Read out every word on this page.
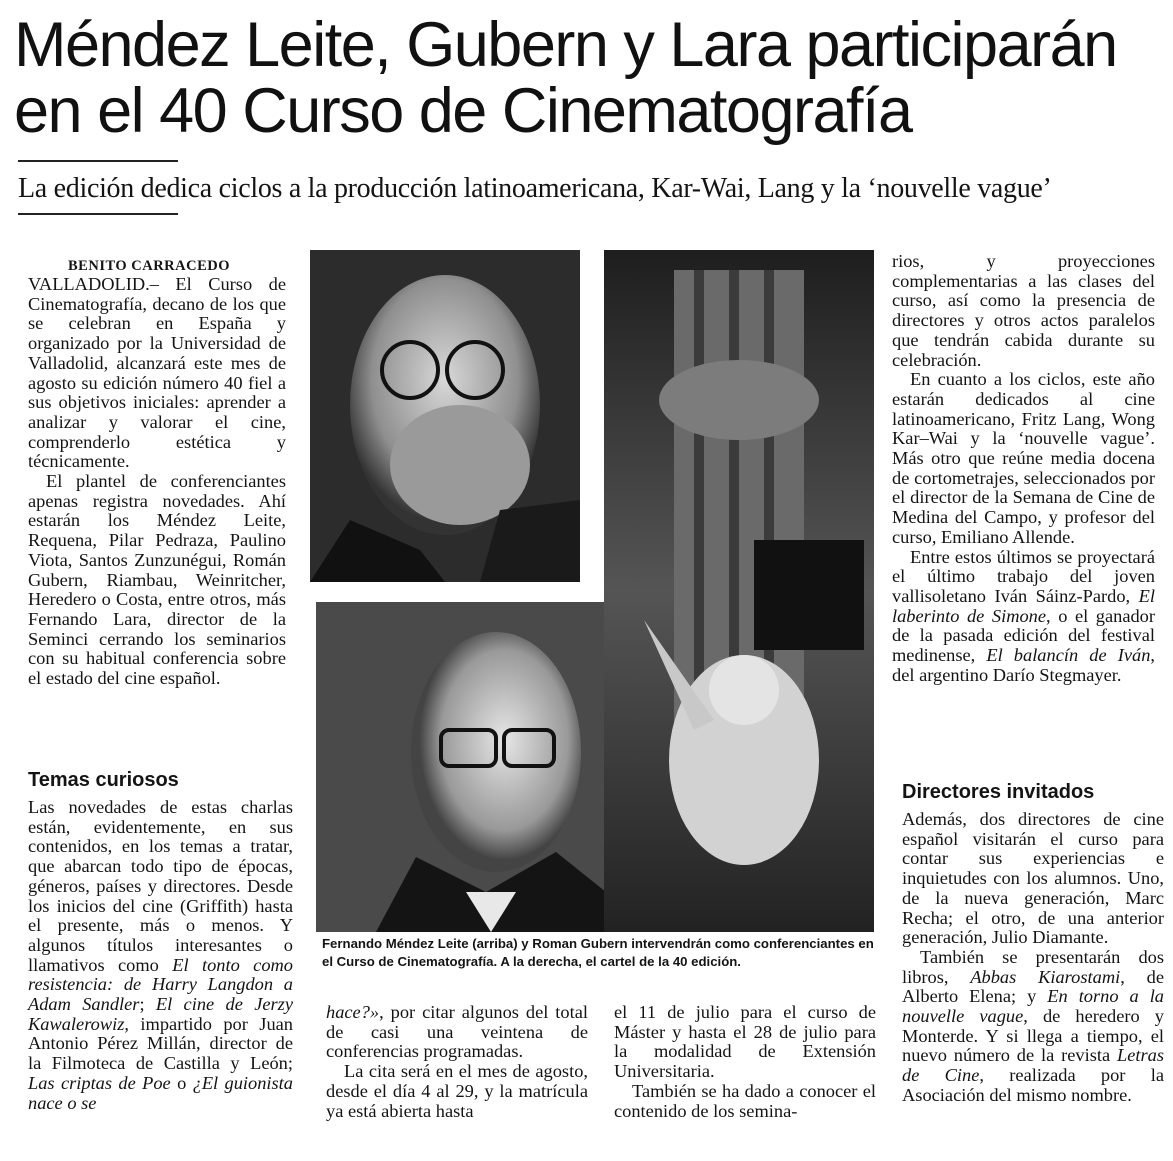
Méndez Leite, Gubern y Lara participarán
en el 40 Curso de Cinematografía
La edición dedica ciclos a la producción latinoamericana, Kar-Wai, Lang y la ‘nouvelle vague’
BENITO CARRACEDO

VALLADOLID.– El Curso de Cinematografía, decano de los que se celebran en España y organizado por la Universidad de Valladolid, alcanzará este mes de agosto su edición número 40 fiel a sus objetivos iniciales: aprender a analizar y valorar el cine, comprenderlo estética y técnicamente.

El plantel de conferenciantes apenas registra novedades. Ahí estarán los Méndez Leite, Requena, Pilar Pedraza, Paulino Viota, Santos Zunzunégui, Román Gubern, Riambau, Weinritcher, Heredero o Costa, entre otros, más Fernando Lara, director de la Seminci cerrando los seminarios con su habitual conferencia sobre el estado del cine español.

Temas curiosos

Las novedades de estas charlas están, evidentemente, en sus contenidos, en los temas a tratar, que abarcan todo tipo de épocas, géneros, países y directores. Desde los inicios del cine (Griffith) hasta el presente, más o menos. Y algunos títulos interesantes o llamativos como El tonto como resistencia: de Harry Langdon a Adam Sandler; El cine de Jerzy Kawalerowiz, impartido por Juan Antonio Pérez Millán, director de la Filmoteca de Castilla y León; Las criptas de Poe o ¿El guionista nace o se

Fernando Méndez Leite (arriba) y Roman Gubern intervendrán como conferenciantes en el Curso de Cinematografía. A la derecha, el cartel de la 40 edición.

hace?», por citar algunos del total de casi una veintena de conferencias programadas.

La cita será en el mes de agosto, desde el día 4 al 29, y la matrícula ya está abierta hasta

el 11 de julio para el curso de Máster y hasta el 28 de julio para la modalidad de Extensión Universitaria.

También se ha dado a conocer el contenido de los semina-

rios, y proyecciones complementarias a las clases del curso, así como la presencia de directores y otros actos paralelos que tendrán cabida durante su celebración.

En cuanto a los ciclos, este año estarán dedicados al cine latinoamericano, Fritz Lang, Wong Kar–Wai y la ‘nouvelle vague’. Más otro que reúne media docena de cortometrajes, seleccionados por el director de la Semana de Cine de Medina del Campo, y profesor del curso, Emiliano Allende.

Entre estos últimos se proyectará el último trabajo del joven vallisoletano Iván Sáinz-Pardo, El laberinto de Simone, o el ganador de la pasada edición del festival medinense, El balancín de Iván, del argentino Darío Stegmayer.

Directores invitados

Además, dos directores de cine español visitarán el curso para contar sus experiencias e inquietudes con los alumnos. Uno, de la nueva generación, Marc Recha; el otro, de una anterior generación, Julio Diamante.

También se presentarán dos libros, Abbas Kiarostami, de Alberto Elena; y En torno a la nouvelle vague, de heredero y Monterde. Y si llega a tiempo, el nuevo número de la revista Letras de Cine, realizada por la Asociación del mismo nombre.
